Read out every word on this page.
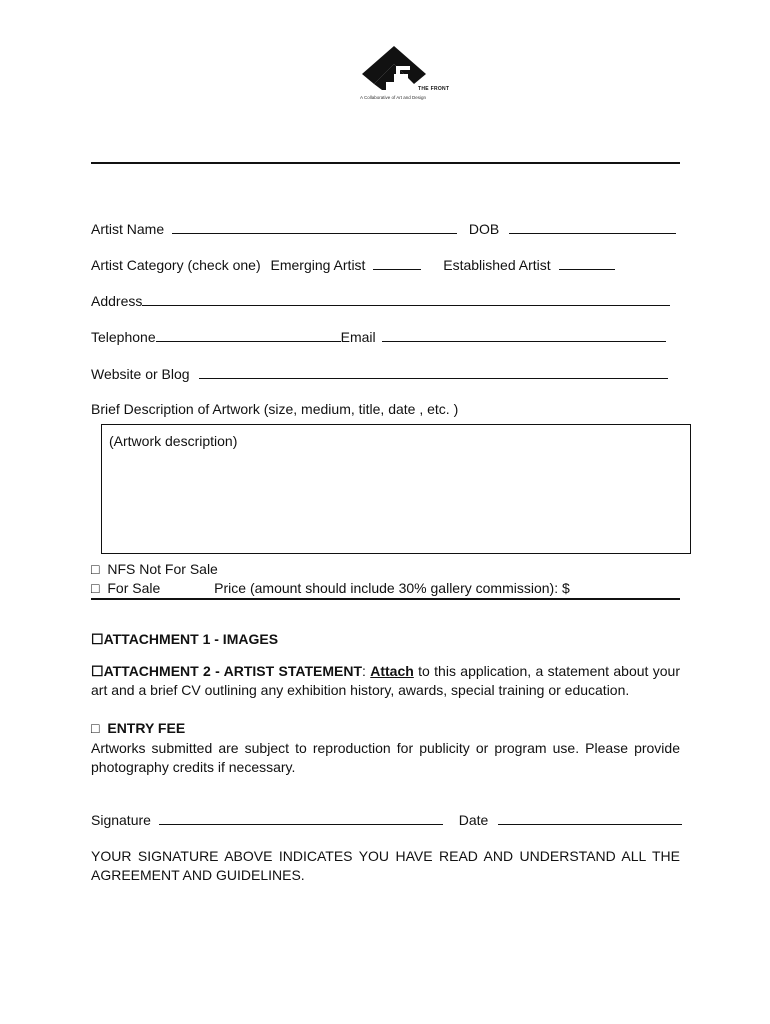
THE FRONT
A Collaborative of Art and Design
Artist Name	DOB
Artist Category (check one) Emerging Artist	Established Artist
Address
Telephone	Email
Website or Blog
Brief Description of Artwork (size, medium, title, date , etc. )
(Artwork description)
□ NFS Not For Sale
□ For Sale	Price (amount should include 30% gallery commission): $
☐ATTACHMENT 1 - IMAGES
☐ATTACHMENT 2 - ARTIST STATEMENT: Attach to this application, a statement about your art and a brief CV outlining any exhibition history, awards, special training or education.
□ ENTRY FEE
Artworks submitted are subject to reproduction for publicity or program use. Please provide photography credits if necessary.
Signature	Date
YOUR SIGNATURE ABOVE INDICATES YOU HAVE READ AND UNDERSTAND ALL THE AGREEMENT AND GUIDELINES.
